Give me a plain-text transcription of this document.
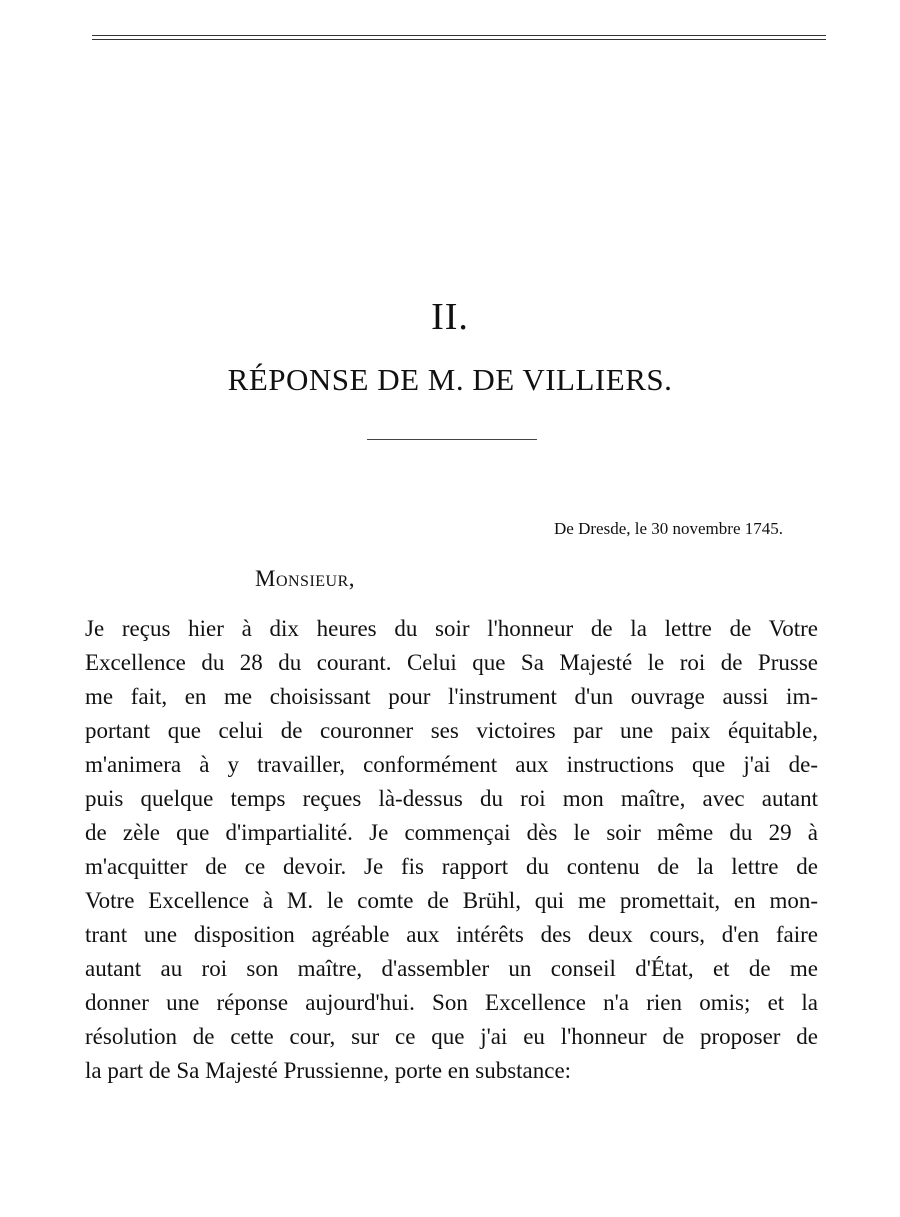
II.
RÉPONSE DE M. DE VILLIERS.
De Dresde, le 30 novembre 1745.
Monsieur,
Je reçus hier à dix heures du soir l'honneur de la lettre de Votre
Excellence du 28 du courant. Celui que Sa Majesté le roi de Prusse
me fait, en me choisissant pour l'instrument d'un ouvrage aussi im-
portant que celui de couronner ses victoires par une paix équitable,
m'animera à y travailler, conformément aux instructions que j'ai de-
puis quelque temps reçues là-dessus du roi mon maître, avec autant
de zèle que d'impartialité. Je commençai dès le soir même du 29 à
m'acquitter de ce devoir. Je fis rapport du contenu de la lettre de
Votre Excellence à M. le comte de Brühl, qui me promettait, en mon-
trant une disposition agréable aux intérêts des deux cours, d'en faire
autant au roi son maître, d'assembler un conseil d'État, et de me
donner une réponse aujourd'hui. Son Excellence n'a rien omis; et la
résolution de cette cour, sur ce que j'ai eu l'honneur de proposer de
la part de Sa Majesté Prussienne, porte en substance:
